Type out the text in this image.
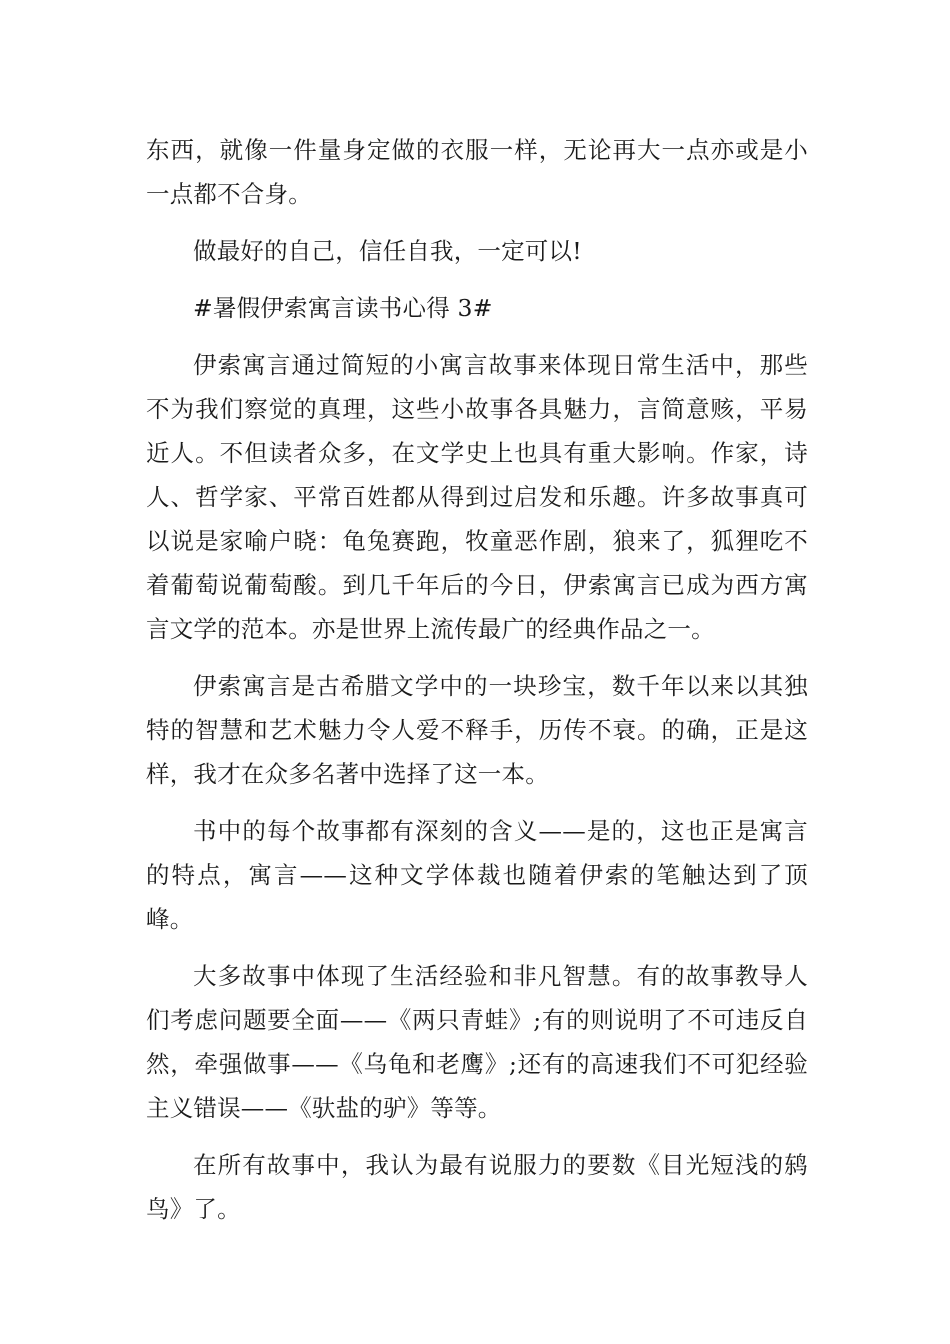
东西，就像一件量身定做的衣服一样，无论再大一点亦或是小一点都不合身。

做最好的自己，信任自我，一定可以!

#暑假伊索寓言读书心得 3#

伊索寓言通过简短的小寓言故事来体现日常生活中，那些不为我们察觉的真理，这些小故事各具魅力，言简意赅，平易近人。不但读者众多，在文学史上也具有重大影响。作家，诗人、哲学家、平常百姓都从得到过启发和乐趣。许多故事真可以说是家喻户晓：龟兔赛跑，牧童恶作剧，狼来了，狐狸吃不着葡萄说葡萄酸。到几千年后的今日，伊索寓言已成为西方寓言文学的范本。亦是世界上流传最广的经典作品之一。

伊索寓言是古希腊文学中的一块珍宝，数千年以来以其独特的智慧和艺术魅力令人爱不释手，历传不衰。的确，正是这样，我才在众多名著中选择了这一本。

书中的每个故事都有深刻的含义——是的，这也正是寓言的特点，寓言——这种文学体裁也随着伊索的笔触达到了顶峰。

大多故事中体现了生活经验和非凡智慧。有的故事教导人们考虑问题要全面——《两只青蛙》;有的则说明了不可违反自然，牵强做事——《乌龟和老鹰》;还有的高速我们不可犯经验主义错误——《驮盐的驴》等等。

在所有故事中，我认为最有说服力的要数《目光短浅的鸫鸟》了。
